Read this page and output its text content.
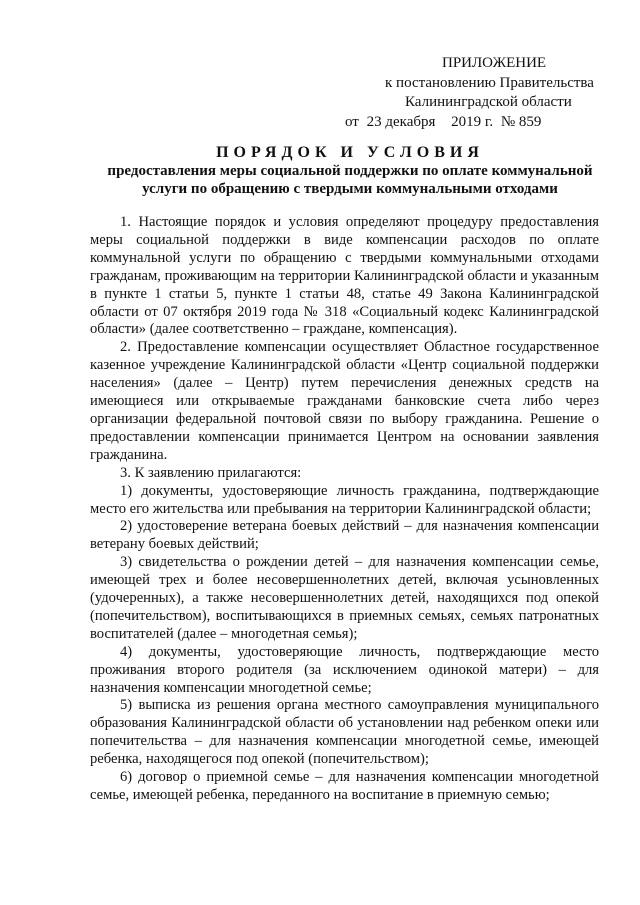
ПРИЛОЖЕНИЕ
к постановлению Правительства
Калининградской области
от 23 декабря 2019 г. № 859
ПОРЯДОК И УСЛОВИЯ
предоставления меры социальной поддержки по оплате коммунальной услуги по обращению с твердыми коммунальными отходами

1. Настоящие порядок и условия определяют процедуру предоставления меры социальной поддержки в виде компенсации расходов по оплате коммунальной услуги по обращению с твердыми коммунальными отходами гражданам, проживающим на территории Калининградской области и указанным в пункте 1 статьи 5, пункте 1 статьи 48, статье 49 Закона Калининградской области от 07 октября 2019 года № 318 «Социальный кодекс Калининградской области» (далее соответственно – граждане, компенсация).

2. Предоставление компенсации осуществляет Областное государственное казенное учреждение Калининградской области «Центр социальной поддержки населения» (далее – Центр) путем перечисления денежных средств на имеющиеся или открываемые гражданами банковские счета либо через организации федеральной почтовой связи по выбору гражданина. Решение о предоставлении компенсации принимается Центром на основании заявления гражданина.

3. К заявлению прилагаются:

1) документы, удостоверяющие личность гражданина, подтверждающие место его жительства или пребывания на территории Калининградской области;

2) удостоверение ветерана боевых действий – для назначения компенсации ветерану боевых действий;

3) свидетельства о рождении детей – для назначения компенсации семье, имеющей трех и более несовершеннолетних детей, включая усыновленных (удочеренных), а также несовершеннолетних детей, находящихся под опекой (попечительством), воспитывающихся в приемных семьях, семьях патронатных воспитателей (далее – многодетная семья);

4) документы, удостоверяющие личность, подтверждающие место проживания второго родителя (за исключением одинокой матери) – для назначения компенсации многодетной семье;

5) выписка из решения органа местного самоуправления муниципального образования Калининградской области об установлении над ребенком опеки или попечительства – для назначения компенсации многодетной семье, имеющей ребенка, находящегося под опекой (попечительством);

6) договор о приемной семье – для назначения компенсации многодетной семье, имеющей ребенка, переданного на воспитание в приемную семью;
